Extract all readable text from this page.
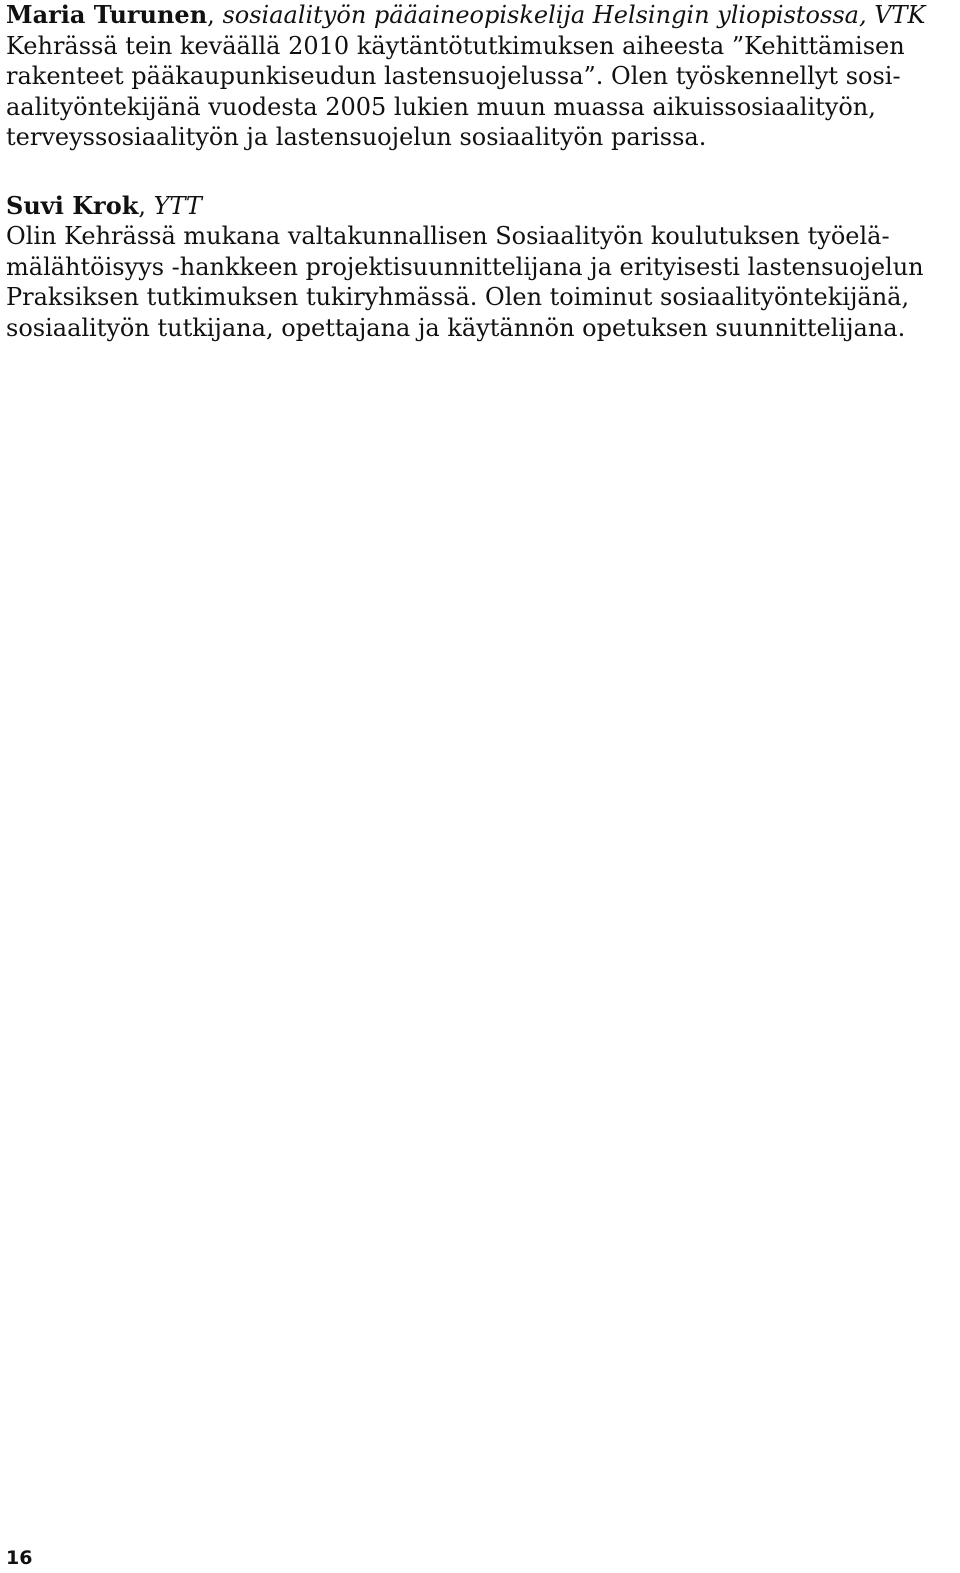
Maria Turunen, sosiaalityön pääaineopiskelija Helsingin yliopistossa, VTK
Kehrässä tein keväällä 2010 käytäntötutkimuksen aiheesta ”Kehittämisen
rakenteet pääkaupunkiseudun lastensuojelussa”. Olen työskennellyt sosi-
aalityöntekijänä vuodesta 2005 lukien muun muassa aikuissosiaalityön,
terveyssosiaalityön ja lastensuojelun sosiaalityön parissa.

Suvi Krok, YTT
Olin Kehrässä mukana valtakunnallisen Sosiaalityön koulutuksen työelä-
mälähtöisyys -hankkeen projektisuunnittelijana ja erityisesti lastensuojelun
Praksiksen tutkimuksen tukiryhmässä. Olen toiminut sosiaalityöntekijänä,
sosiaalityön tutkijana, opettajana ja käytännön opetuksen suunnittelijana.

16
